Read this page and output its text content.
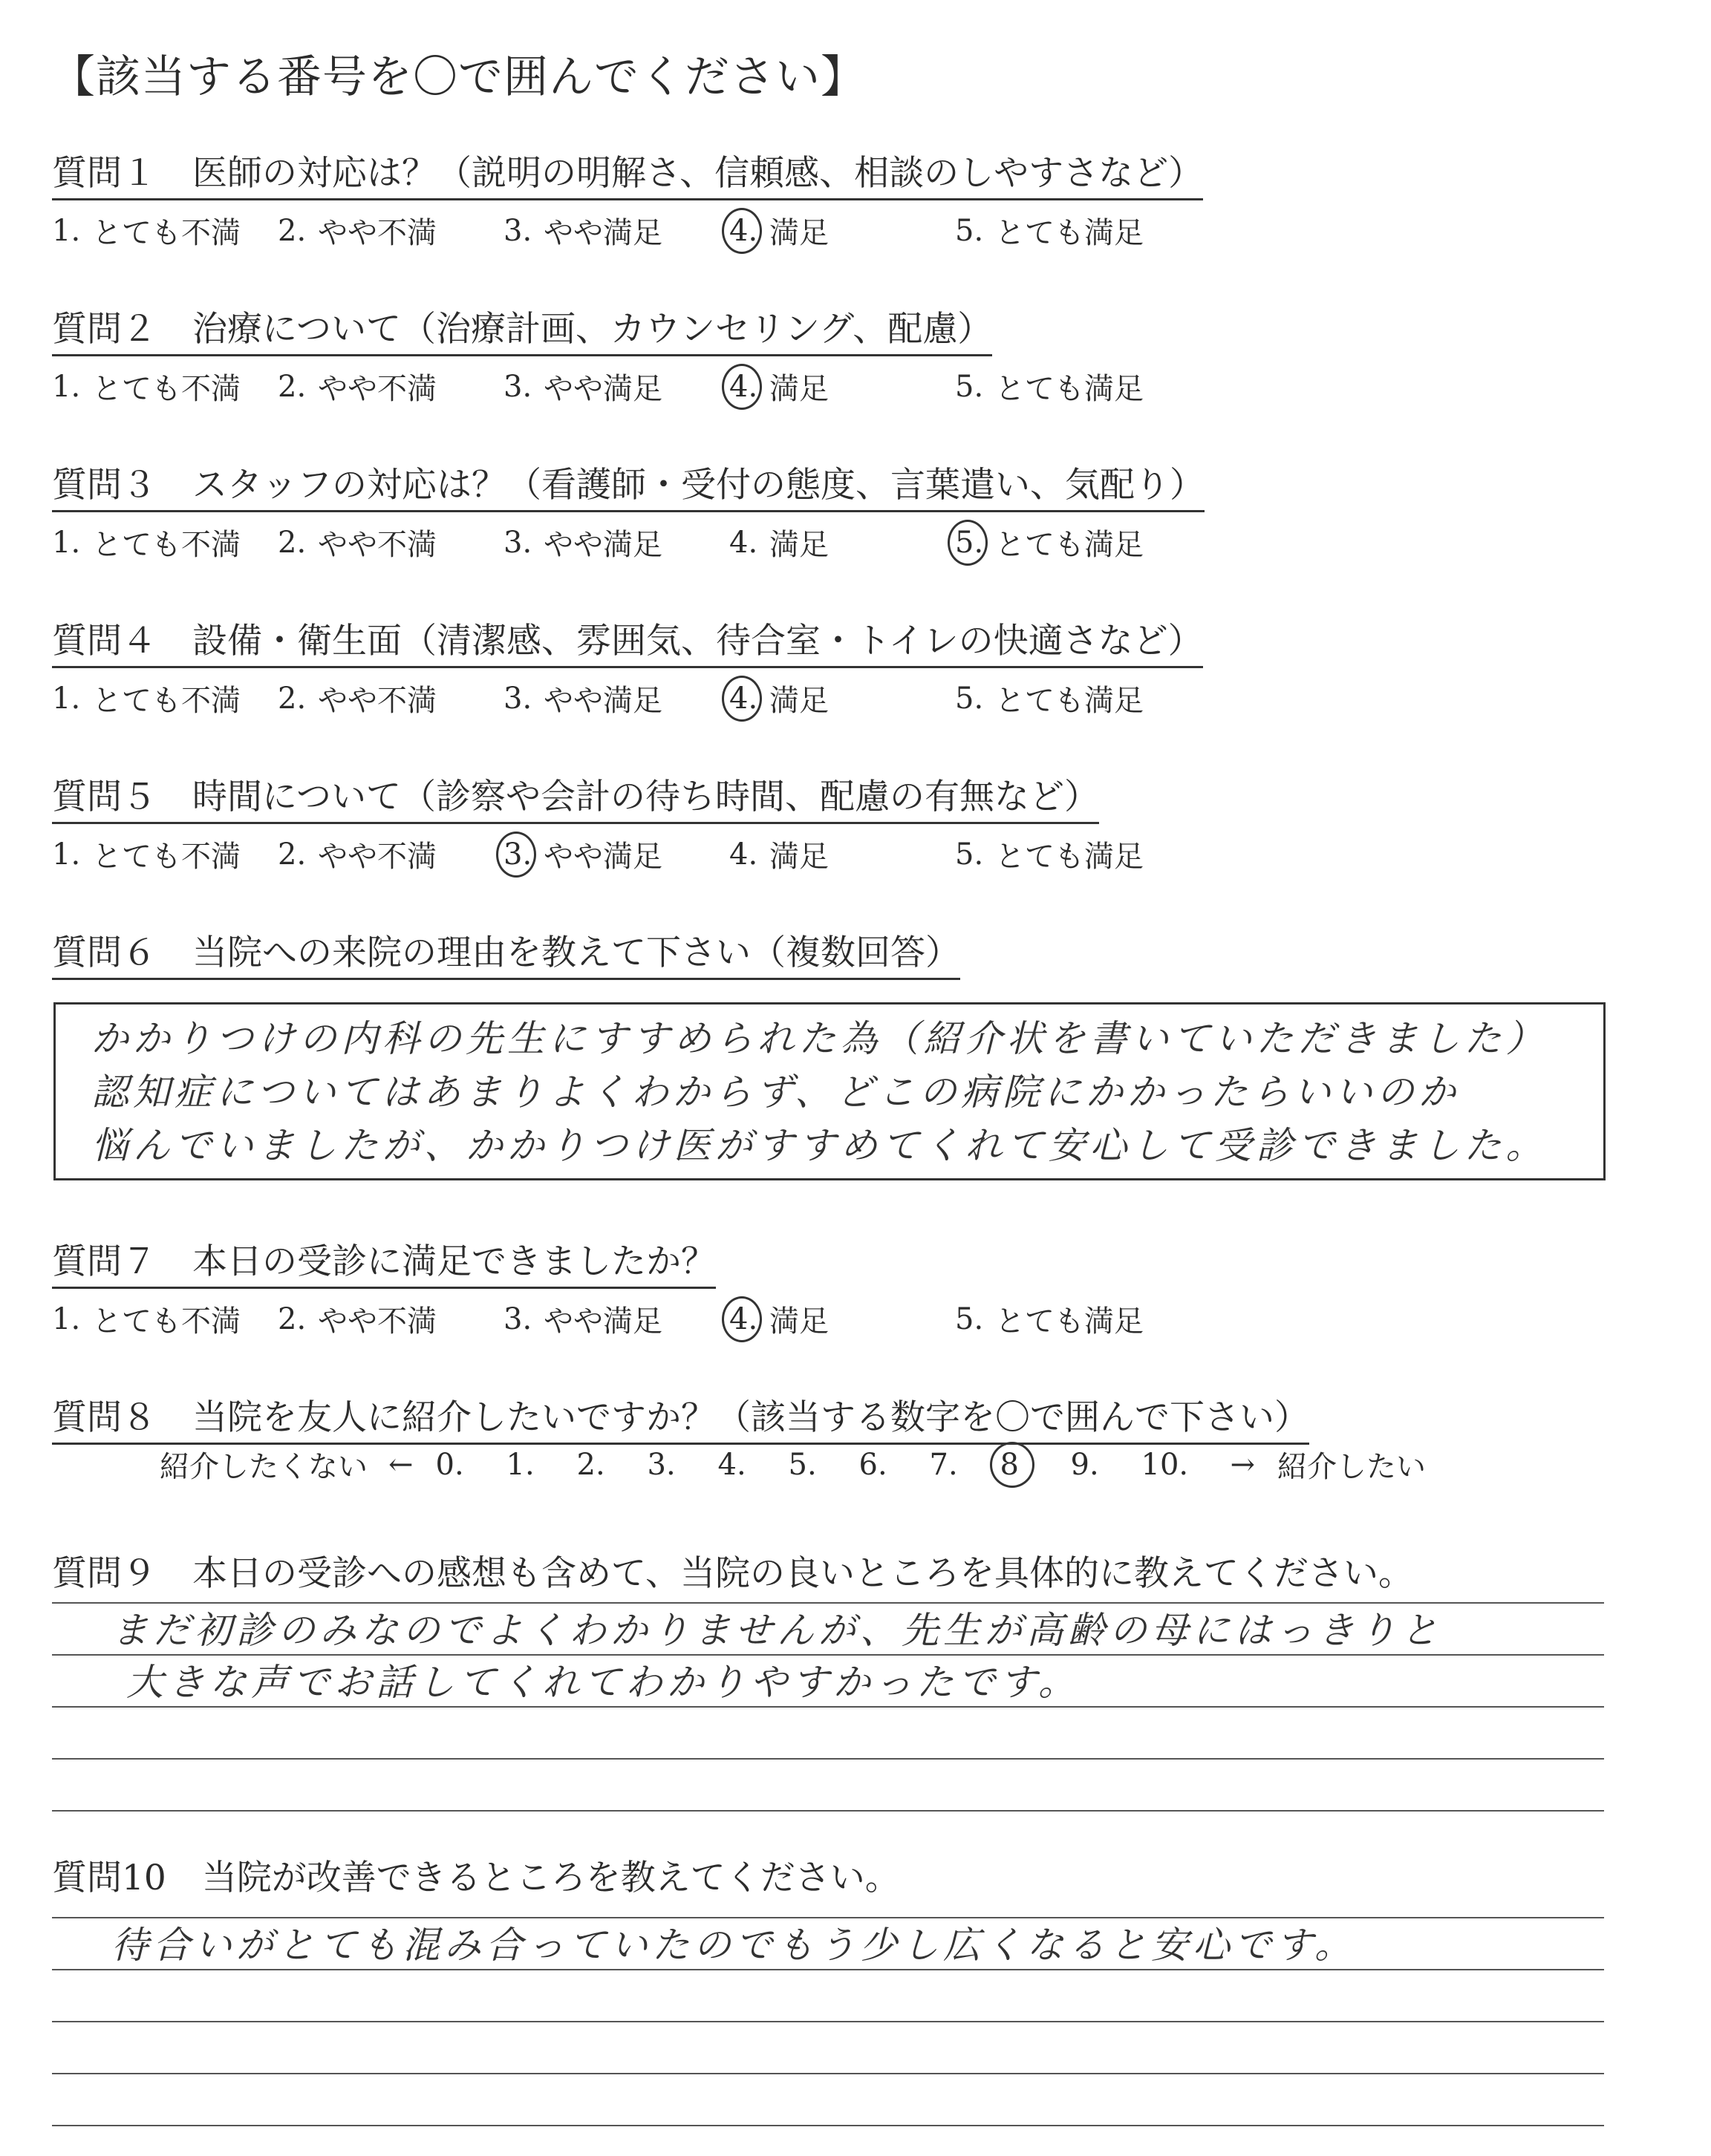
【該当する番号を〇で囲んでください】
質問１ 医師の対応は？（説明の明解さ、信頼感、相談のしやすさなど）
1. とても不満 2. やや不満 3. やや満足 4. 満足	5. とても満足
質問２ 治療について（治療計画、カウンセリング、配慮）
1. とても不満 2. やや不満 3. やや満足 4. 満足	5. とても満足
質問３ スタッフの対応は？（看護師・受付の態度、言葉遣い、気配り）
1. とても不満 2. やや不満 3. やや満足 4. 満足	5. とても満足
質問４ 設備・衛生面（清潔感、雰囲気、待合室・トイレの快適さなど）
1. とても不満 2. やや不満 3. やや満足 4. 満足	5. とても満足
質問５ 時間について（診察や会計の待ち時間、配慮の有無など）
1. とても不満 2. やや不満 3. やや満足 4. 満足	5. とても満足
質問６ 当院への来院の理由を教えて下さい（複数回答）
かかりつけの内科の先生にすすめられた為（紹介状を書いていただきました）
認知症についてはあまりよくわからず、どこの病院にかかったらいいのか
悩んでいましたが、かかりつけ医がすすめてくれて安心して受診できました。
質問７ 本日の受診に満足できましたか？
1. とても不満 2. やや不満 3. やや満足 4. 満足	5. とても満足
質問８ 当院を友人に紹介したいですか？（該当する数字を〇で囲んで下さい）
紹介したくない ← 0.	1.	2.	3.	4.	5.	6.	7.	8	9.	10.	→ 紹介したい
質問９ 本日の受診への感想も含めて、当院の良いところを具体的に教えてください。
まだ初診のみなのでよくわかりませんが、先生が高齢の母にはっきりと
大きな声でお話してくれてわかりやすかったです。
質問10 当院が改善できるところを教えてください。
待合いがとても混み合っていたのでもう少し広くなると安心です。
